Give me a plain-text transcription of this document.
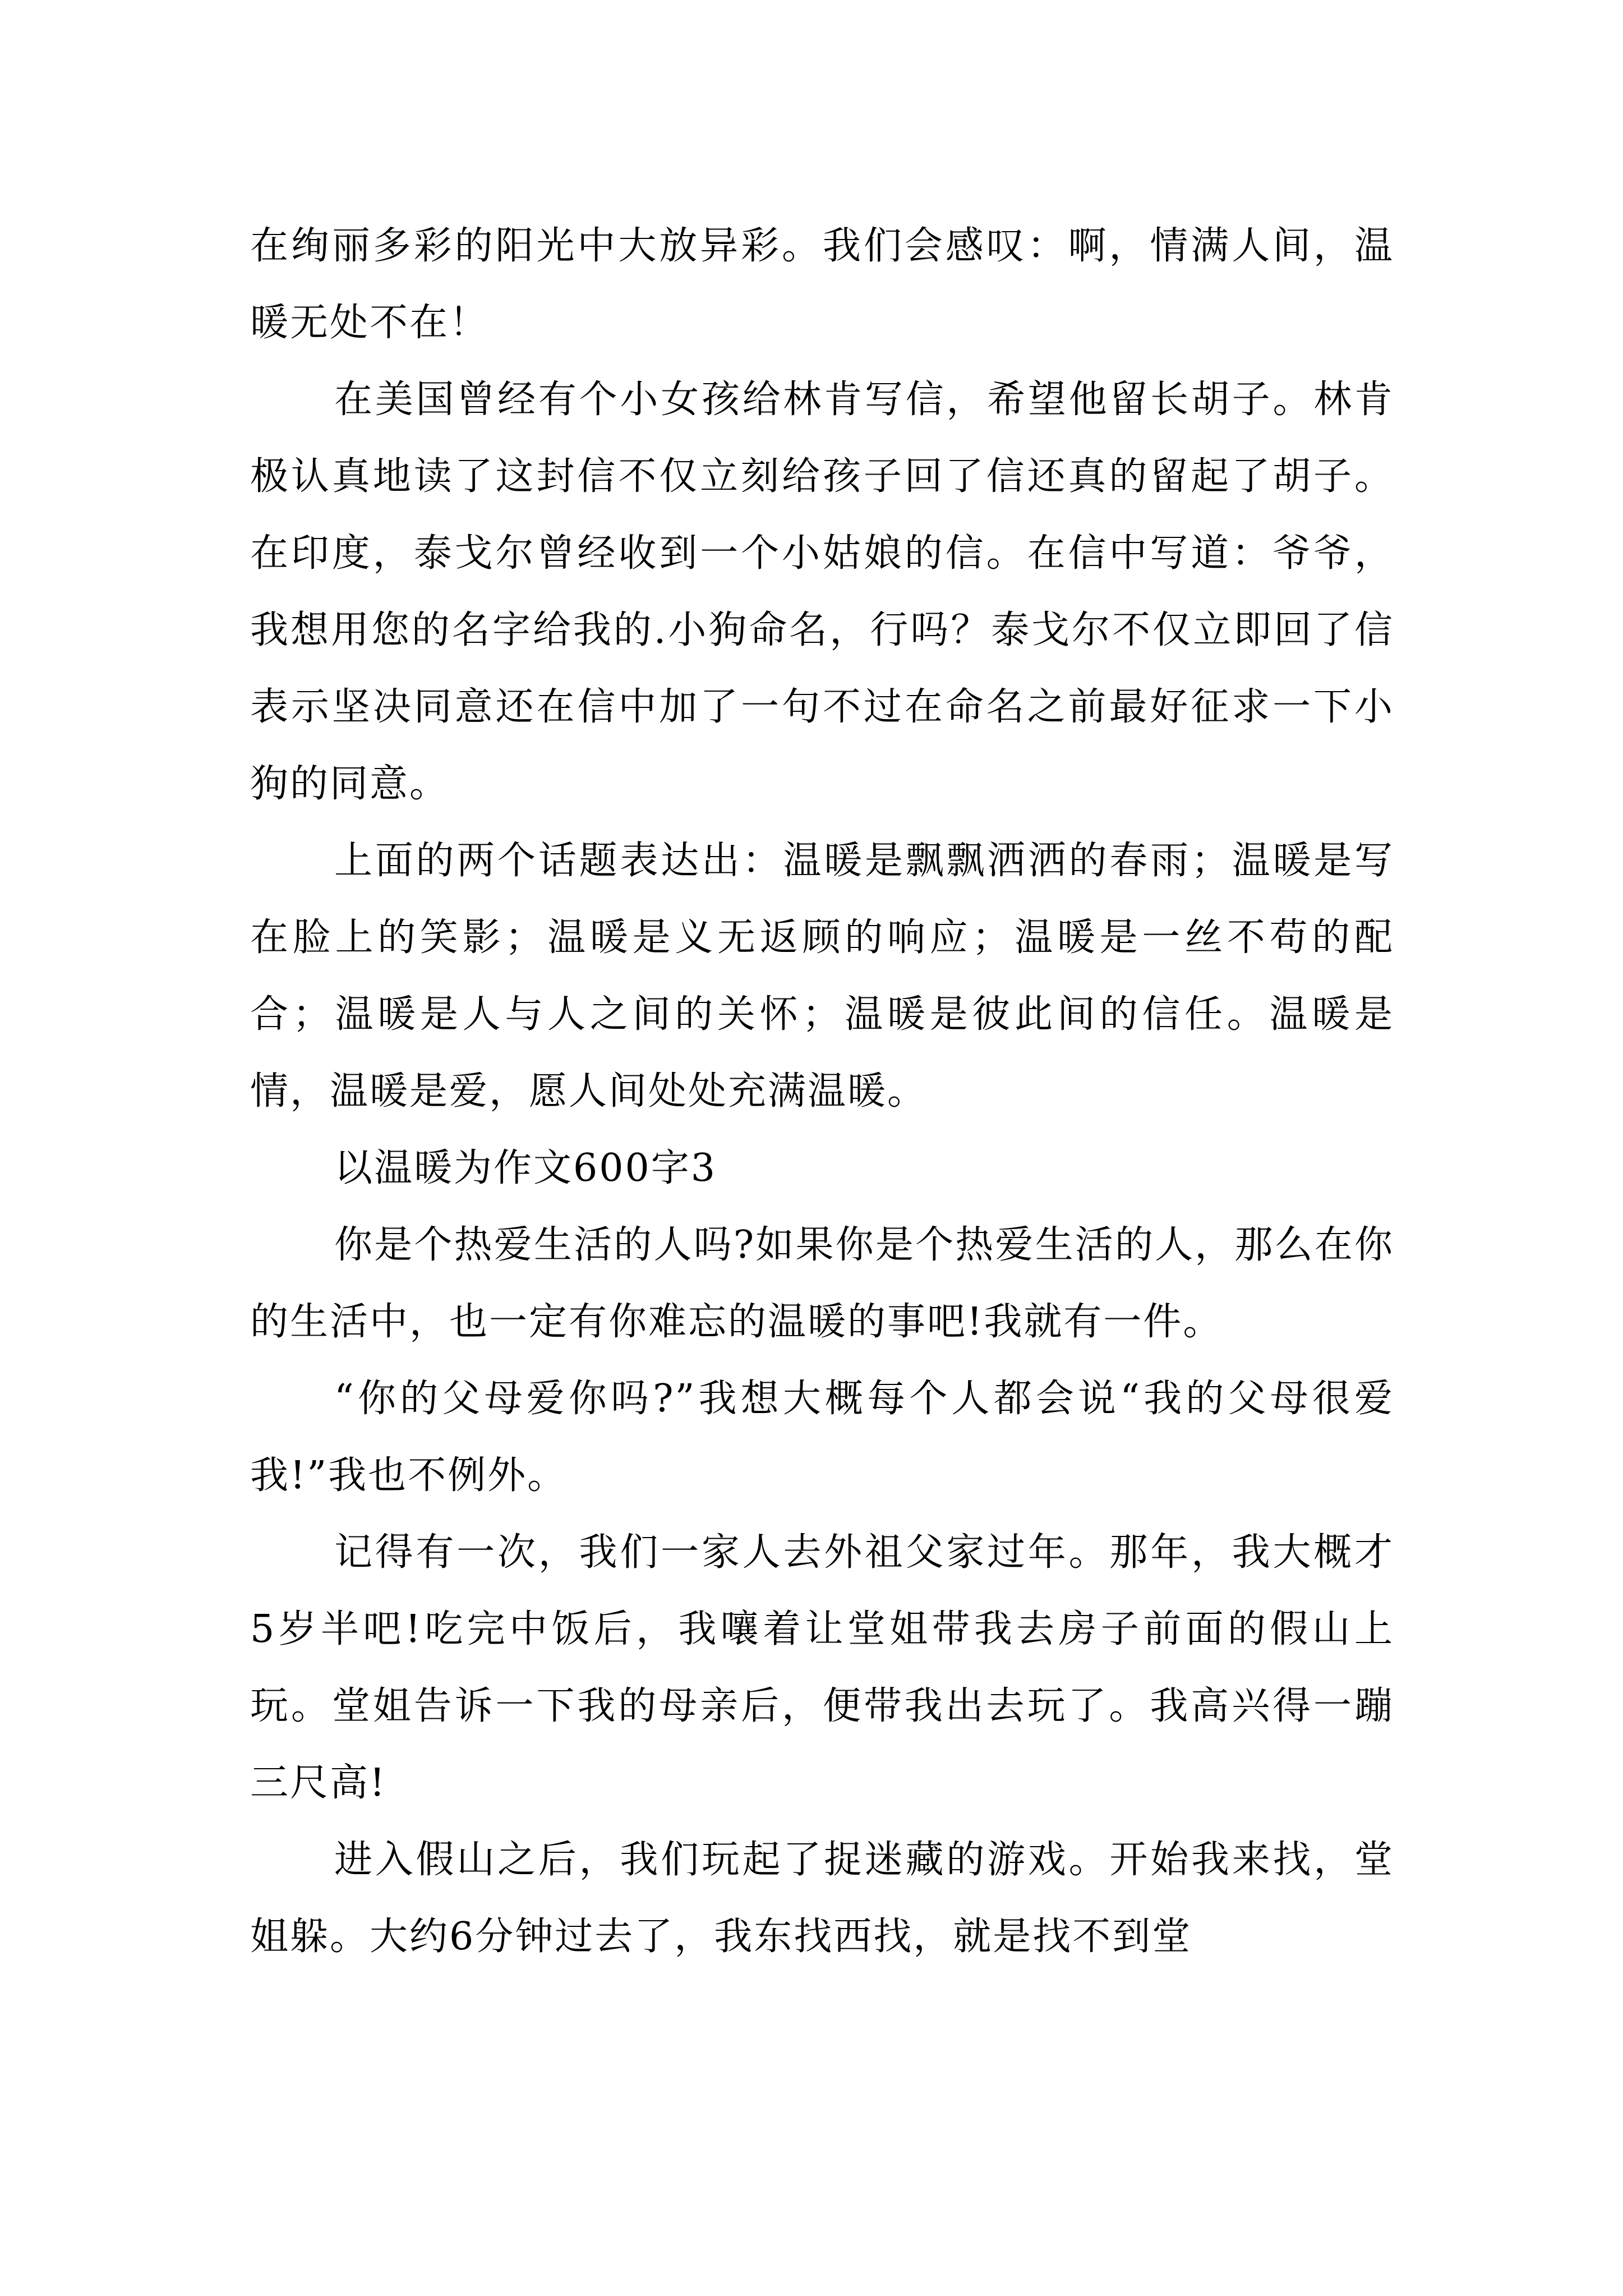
在绚丽多彩的阳光中大放异彩。我们会感叹：啊，情满人间，温暖无处不在！

在美国曾经有个小女孩给林肯写信，希望他留长胡子。林肯极认真地读了这封信不仅立刻给孩子回了信还真的留起了胡子。在印度，泰戈尔曾经收到一个小姑娘的信。在信中写道：爷爷，我想用您的名字给我的.小狗命名，行吗？泰戈尔不仅立即回了信表示坚决同意还在信中加了一句不过在命名之前最好征求一下小狗的同意。

上面的两个话题表达出：温暖是飘飘洒洒的春雨；温暖是写在脸上的笑影；温暖是义无返顾的响应；温暖是一丝不苟的配合；温暖是人与人之间的关怀；温暖是彼此间的信任。温暖是情，温暖是爱，愿人间处处充满温暖。

以温暖为作文600字3

你是个热爱生活的人吗?如果你是个热爱生活的人，那么在你的生活中，也一定有你难忘的温暖的事吧!我就有一件。

“你的父母爱你吗?”我想大概每个人都会说“我的父母很爱我!”我也不例外。

记得有一次，我们一家人去外祖父家过年。那年，我大概才5岁半吧!吃完中饭后，我嚷着让堂姐带我去房子前面的假山上玩。堂姐告诉一下我的母亲后，便带我出去玩了。我高兴得一蹦三尺高!

进入假山之后，我们玩起了捉迷藏的游戏。开始我来找，堂姐躲。大约6分钟过去了，我东找西找，就是找不到堂
